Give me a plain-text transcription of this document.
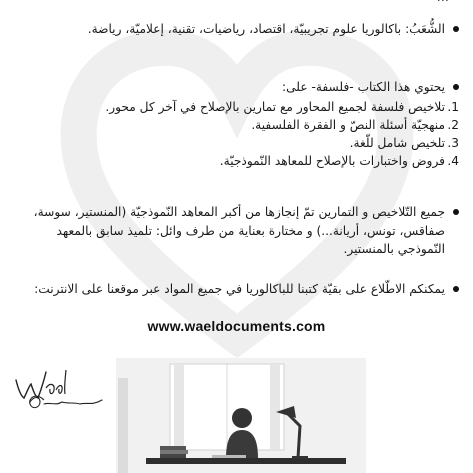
الشُّعَبُ: باكالوريا علوم تجريبيّة، اقتصاد، رياضيات، تقنية، إعلاميّة، رياضة.
يحتوي هذا الكتاب -فلسفة- على:
1.تلاخيص فلسفة لجميع المحاور مع تمارين بالإصلاح في آخر كل محور.
2.منهجيّة أسئلة النصّ و الفقرة الفلسفية.
3.تلخيص شامل للّغة.
4.فروض واختبارات بالإصلاح للمعاهد النّموذجيّة.
جميع التّلاخيص و التمارين تمّ إنجازها من أكبر المعاهد النّموذجيّة (المنستير، سوسة، صفاقس، تونس، أريانة...) و مختارة بعناية من طرف وائل: تلميذ سابق بالمعهد النّموذجي بالمنستير.
يمكنكم الاطّلاع على بقيّة كتبنا للباكالوريا في جميع المواد عبر موقعنا على الانترنت:
www.waeldocuments.com
